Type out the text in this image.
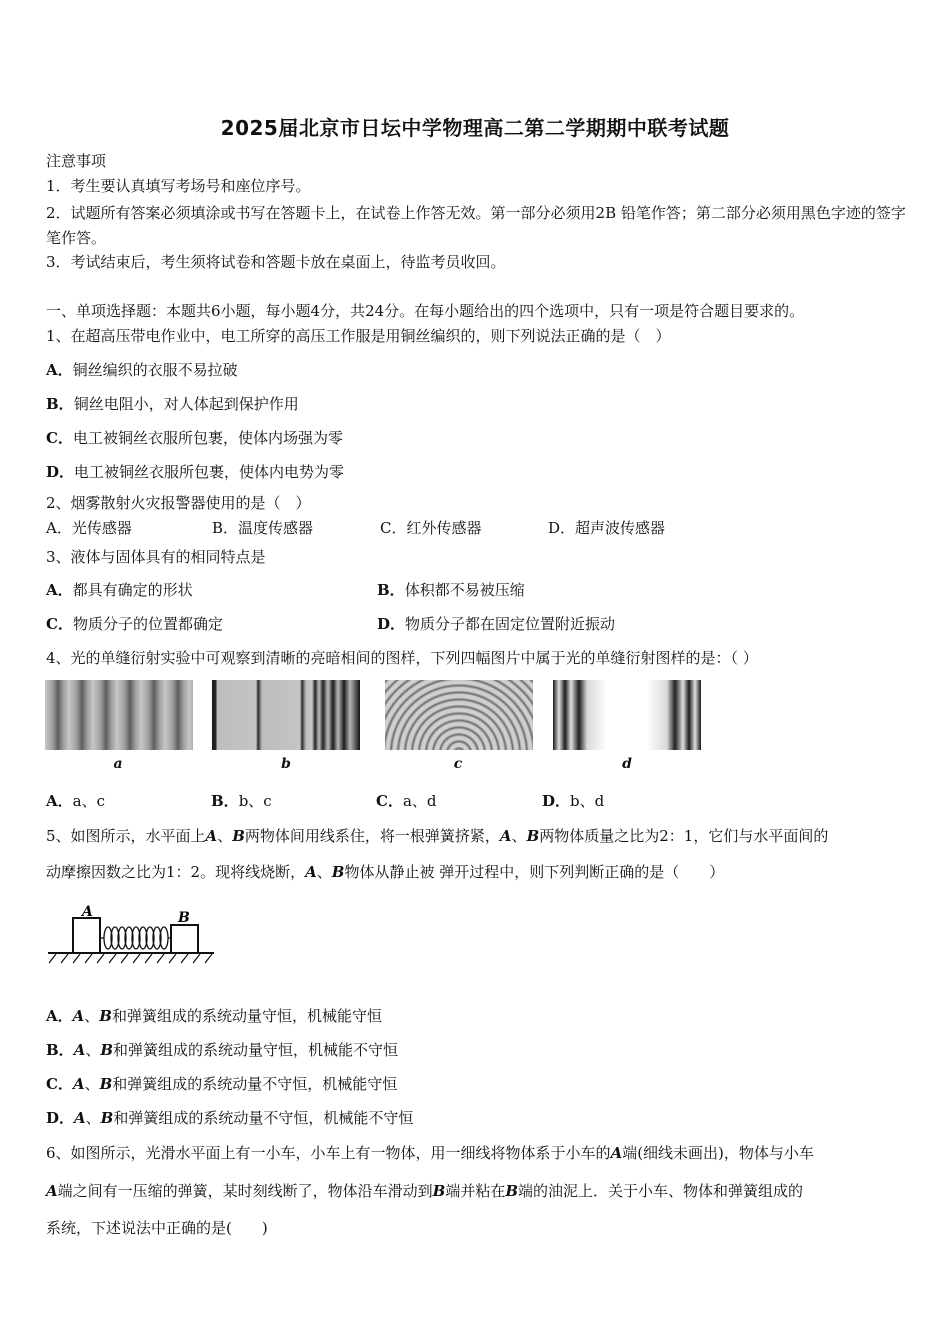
2025届北京市日坛中学物理高二第二学期期中联考试题
注意事项
1．考生要认真填写考场号和座位序号。
2．试题所有答案必须填涂或书写在答题卡上，在试卷上作答无效。第一部分必须用2B 铅笔作答；第二部分必须用黑色字迹的签字笔作答。
3．考试结束后，考生须将试卷和答题卡放在桌面上，待监考员收回。
一、单项选择题：本题共6小题，每小题4分，共24分。在每小题给出的四个选项中，只有一项是符合题目要求的。
1、在超高压带电作业中，电工所穿的高压工作服是用铜丝编织的，则下列说法正确的是（　）
A．铜丝编织的衣服不易拉破
B．铜丝电阻小，对人体起到保护作用
C．电工被铜丝衣服所包裹，使体内场强为零
D．电工被铜丝衣服所包裹，使体内电势为零
2、烟雾散射火灾报警器使用的是（　）
A．光传感器	B．温度传感器	C．红外传感器	D．超声波传感器
3、液体与固体具有的相同特点是
A．都具有确定的形状	B．体积都不易被压缩
C．物质分子的位置都确定	D．物质分子都在固定位置附近振动
4、光的单缝衍射实验中可观察到清晰的亮暗相间的图样，下列四幅图片中属于光的单缝衍射图样的是：（ ）
a	b	c	d
A．a、c	B．b、c	C．a、d	D．b、d
5、如图所示，水平面上A、B两物体间用线系住，将一根弹簧挤紧，A、B两物体质量之比为2：1，它们与水平面间的
动摩擦因数之比为1：2。现将线烧断，A、B物体从静止被 弹开过程中，则下列判断正确的是（　　）
A	B
A．A、B和弹簧组成的系统动量守恒，机械能守恒
B．A、B和弹簧组成的系统动量守恒，机械能不守恒
C．A、B和弹簧组成的系统动量不守恒，机械能守恒
D．A、B和弹簧组成的系统动量不守恒，机械能不守恒
6、如图所示，光滑水平面上有一小车，小车上有一物体，用一细线将物体系于小车的A端(细线未画出)，物体与小车
A端之间有一压缩的弹簧，某时刻线断了，物体沿车滑动到B端并粘在B端的油泥上．关于小车、物体和弹簧组成的
系统，下述说法中正确的是(　　)
